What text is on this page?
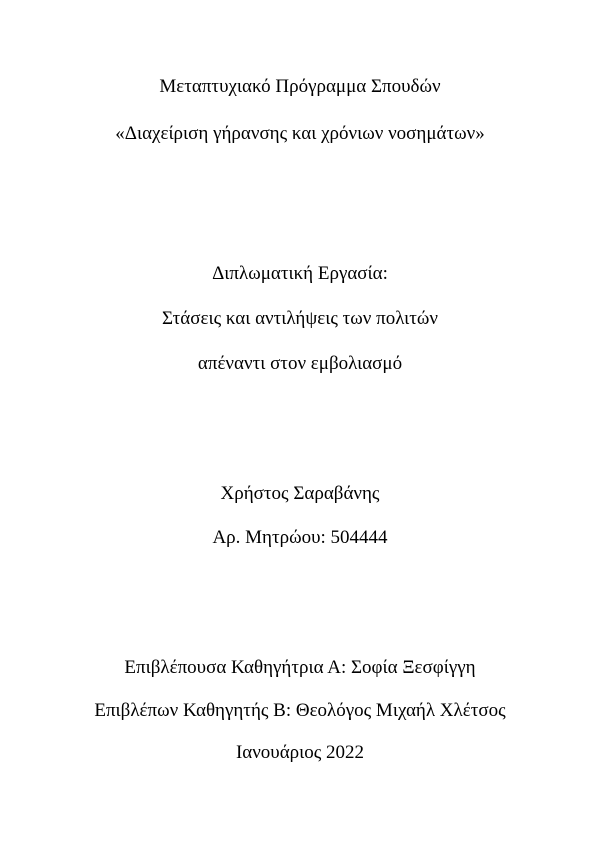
Μεταπτυχιακό Πρόγραμμα Σπουδών
«Διαχείριση γήρανσης και χρόνιων νοσημάτων»
Διπλωματική Εργασία:
Στάσεις και αντιλήψεις των πολιτών
απέναντι στον εμβολιασμό
Χρήστος Σαραβάνης
Αρ. Μητρώου: 504444
Επιβλέπουσα Καθηγήτρια Α: Σοφία Ξεσφίγγη
Επιβλέπων Καθηγητής Β: Θεολόγος Μιχαήλ Χλέτσος
Ιανουάριος 2022
